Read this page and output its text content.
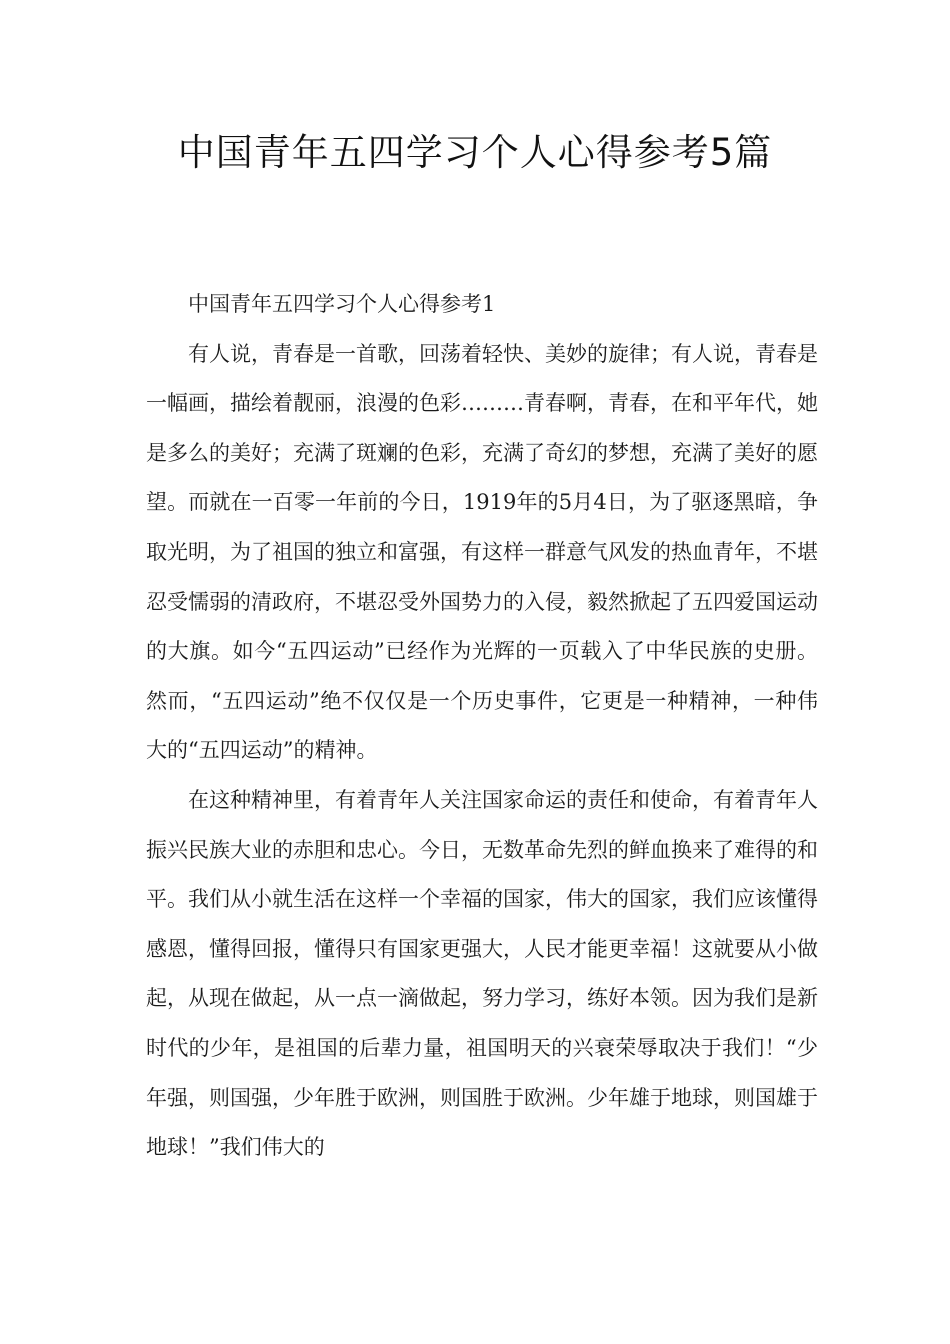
中国青年五四学习个人心得参考5篇

中国青年五四学习个人心得参考1

有人说，青春是一首歌，回荡着轻快、美妙的旋律；有人说，青春是一幅画，描绘着靓丽，浪漫的色彩………青春啊，青春，在和平年代，她是多么的美好；充满了斑斓的色彩，充满了奇幻的梦想，充满了美好的愿望。而就在一百零一年前的今日，1919年的5月4日，为了驱逐黑暗，争取光明，为了祖国的独立和富强，有这样一群意气风发的热血青年，不堪忍受懦弱的清政府，不堪忍受外国势力的入侵，毅然掀起了五四爱国运动的大旗。如今“五四运动”已经作为光辉的一页载入了中华民族的史册。然而，“五四运动”绝不仅仅是一个历史事件，它更是一种精神，一种伟大的“五四运动”的精神。

在这种精神里，有着青年人关注国家命运的责任和使命，有着青年人振兴民族大业的赤胆和忠心。今日，无数革命先烈的鲜血换来了难得的和平。我们从小就生活在这样一个幸福的国家，伟大的国家，我们应该懂得感恩，懂得回报，懂得只有国家更强大，人民才能更幸福！这就要从小做起，从现在做起，从一点一滴做起，努力学习，练好本领。因为我们是新时代的少年，是祖国的后辈力量，祖国明天的兴衰荣辱取决于我们！“少年强，则国强，少年胜于欧洲，则国胜于欧洲。少年雄于地球，则国雄于地球！”我们伟大的
